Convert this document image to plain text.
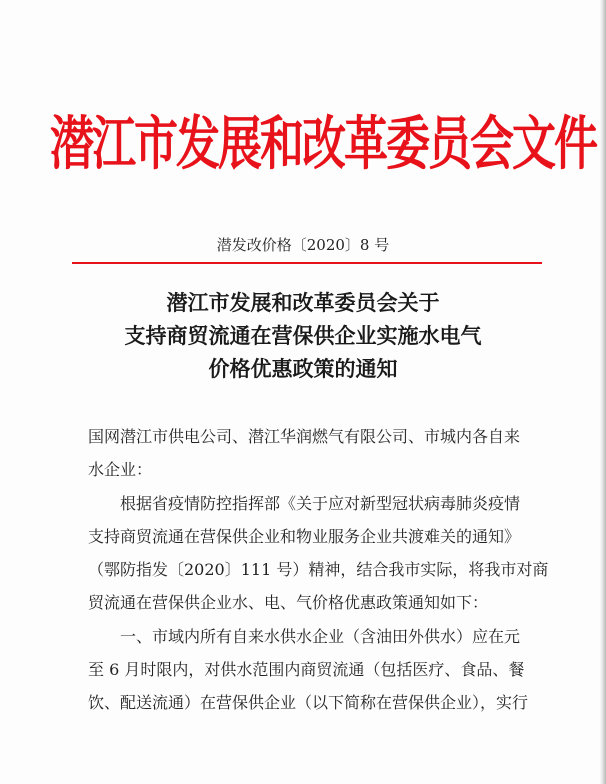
潜江市发展和改革委员会文件
潜发改价格〔2020〕8 号
潜江市发展和改革委员会关于
支持商贸流通在营保供企业实施水电气
价格优惠政策的通知
国网潜江市供电公司、潜江华润燃气有限公司、市城内各自来
水企业：
根据省疫情防控指挥部《关于应对新型冠状病毒肺炎疫情
支持商贸流通在营保供企业和物业服务企业共渡难关的通知》
（鄂防指发〔2020〕111 号）精神，结合我市实际，将我市对商
贸流通在营保供企业水、电、气价格优惠政策通知如下：
一、市域内所有自来水供水企业（含油田外供水）应在元
至 6 月时限内，对供水范围内商贸流通（包括医疗、食品、餐
饮、配送流通）在营保供企业（以下简称在营保供企业），实行
